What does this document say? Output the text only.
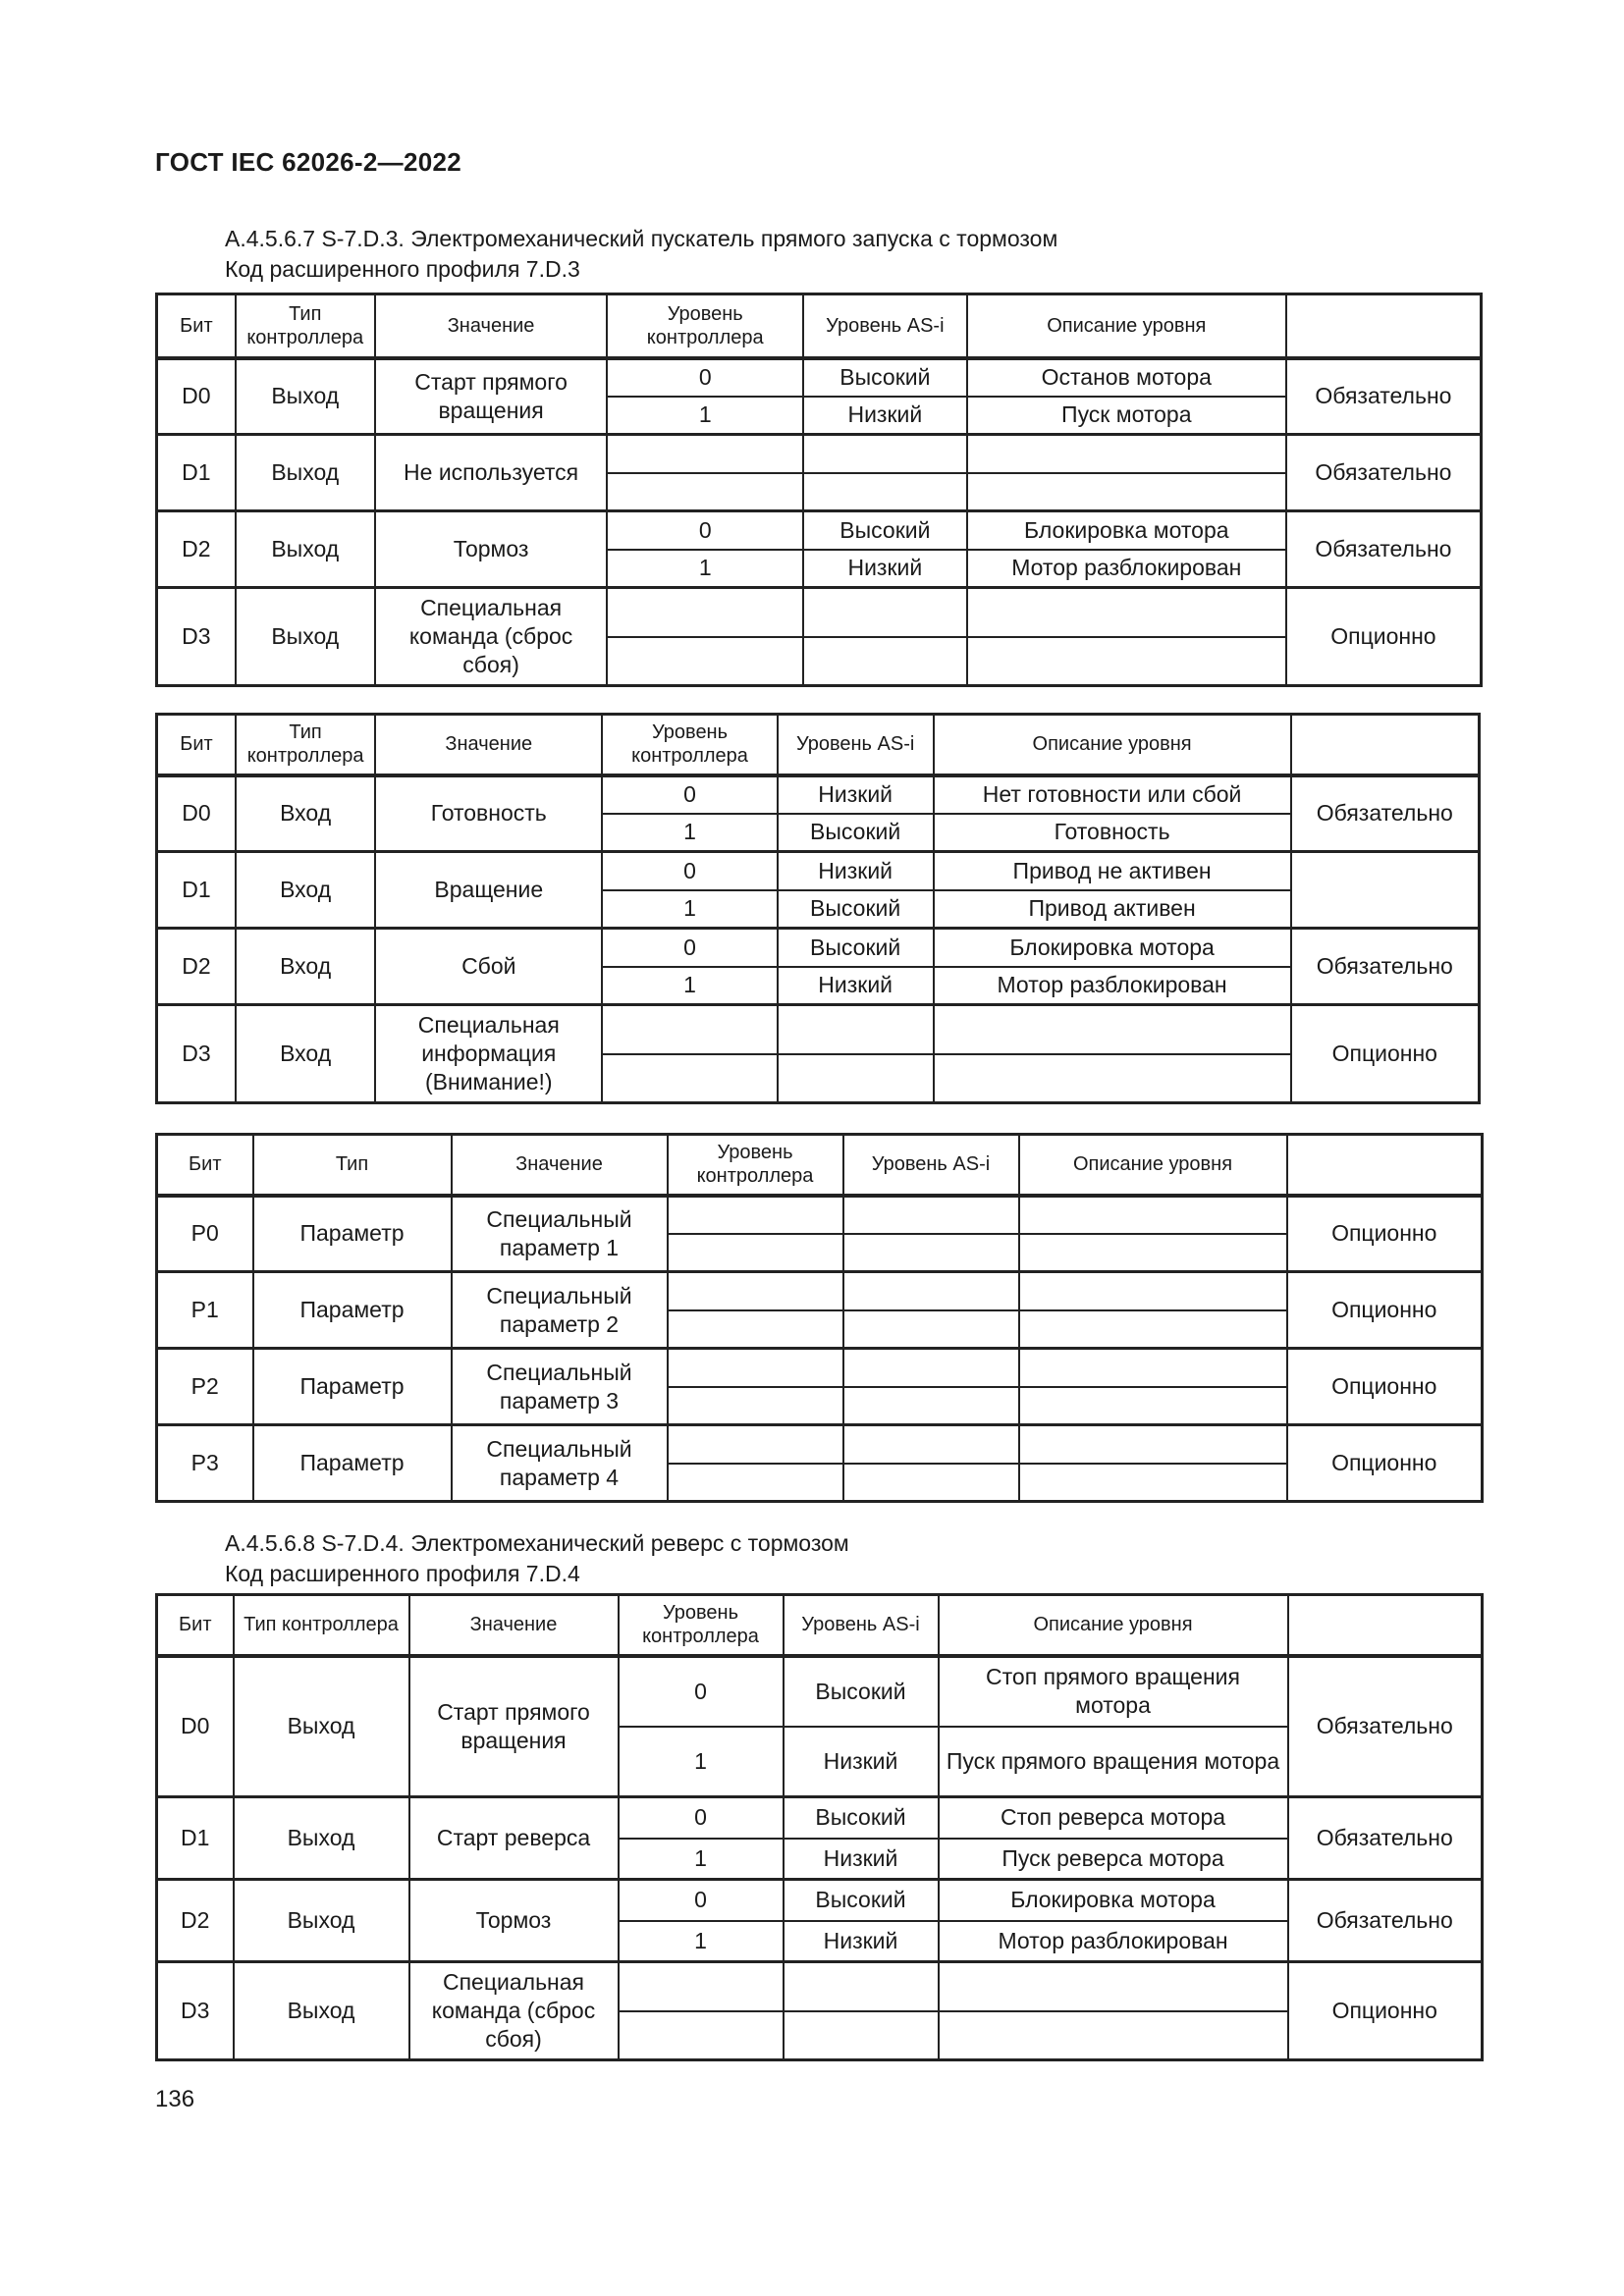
ГОСТ IEC 62026-2—2022
А.4.5.6.7 S-7.D.3. Электромеханический пускатель прямого запуска с тормозом
Код расширенного профиля 7.D.3
Бит	Тип контроллера	Значение	Уровень контроллера	Уровень AS-i	Описание уровня	
D0	Выход	Старт прямого вращения	0	Высокий	Останов мотора	Обязательно
			1	Низкий	Пуск мотора	
D1	Выход	Не используется				Обязательно

D2	Выход	Тормоз	0	Высокий	Блокировка мотора	Обязательно
			1	Низкий	Мотор разблокирован	
D3	Выход	Специальная команда (сброс сбоя)				Опционно

Бит	Тип контроллера	Значение	Уровень контроллера	Уровень AS-i	Описание уровня	
D0	Вход	Готовность	0	Низкий	Нет готовности или сбой	Обязательно
			1	Высокий	Готовность	
D1	Вход	Вращение	0	Низкий	Привод не активен	
			1	Высокий	Привод активен	
D2	Вход	Сбой	0	Высокий	Блокировка мотора	Обязательно
			1	Низкий	Мотор разблокирован	
D3	Вход	Специальная информация (Внимание!)				Опционно

Бит	Тип	Значение	Уровень контроллера	Уровень AS-i	Описание уровня	
P0	Параметр	Специальный параметр 1				Опционно

P1	Параметр	Специальный параметр 2				Опционно

P2	Параметр	Специальный параметр 3				Опционно

P3	Параметр	Специальный параметр 4				Опционно

А.4.5.6.8 S-7.D.4. Электромеханический реверс с тормозом
Код расширенного профиля 7.D.4
Бит	Тип контроллера	Значение	Уровень контроллера	Уровень AS-i	Описание уровня	
D0	Выход	Старт прямого вращения	0	Высокий	Стоп прямого вращения мотора	Обязательно
			1	Низкий	Пуск прямого вращения мотора	
D1	Выход	Старт реверса	0	Высокий	Стоп реверса мотора	Обязательно
			1	Низкий	Пуск реверса мотора	
D2	Выход	Тормоз	0	Высокий	Блокировка мотора	Обязательно
			1	Низкий	Мотор разблокирован	
D3	Выход	Специальная команда (сброс сбоя)				Опционно

136
